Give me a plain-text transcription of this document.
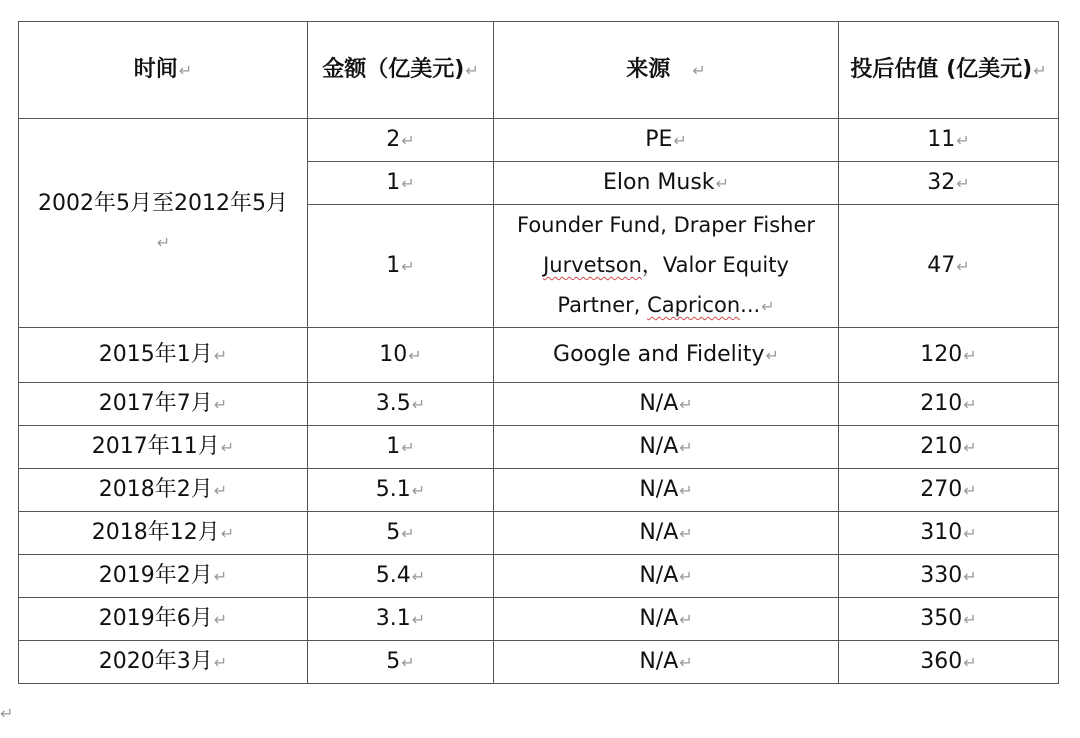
时间↵	金额（亿美元)↵	来源 ↵	投后估值 (亿美元)↵
2002年5月至2012年5月↵	2↵	PE↵	11↵
	1↵	Elon Musk↵	32↵
	1↵	Founder Fund, Draper Fisher
Jurvetson，Valor Equity
Partner, Capricon...↵	47↵
2015年1月↵	10↵	Google and Fidelity↵	120↵
2017年7月↵	3.5↵	N/A↵	210↵
2017年11月↵	1↵	N/A↵	210↵
2018年2月↵	5.1↵	N/A↵	270↵
2018年12月↵	5↵	N/A↵	310↵
2019年2月↵	5.4↵	N/A↵	330↵
2019年6月↵	3.1↵	N/A↵	350↵
2020年3月↵	5↵	N/A↵	360↵
↵
